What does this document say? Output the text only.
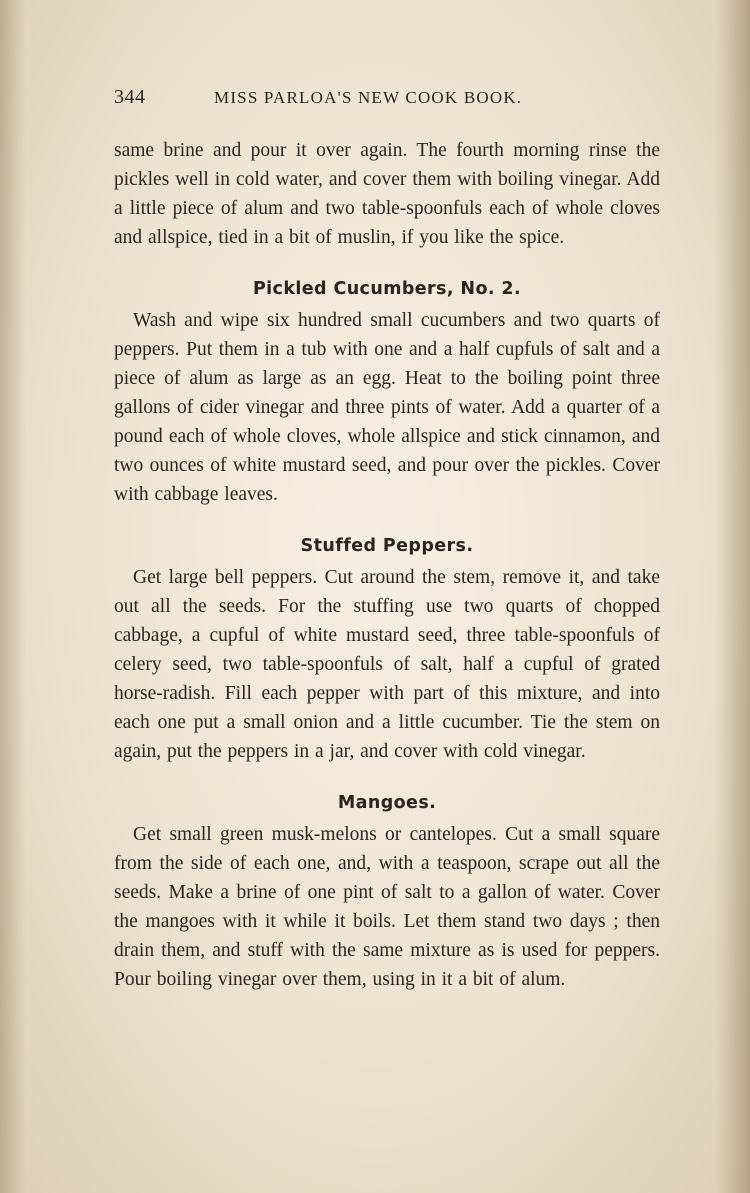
344	MISS PARLOA'S NEW COOK BOOK.

same brine and pour it over again. The fourth morning rinse the pickles well in cold water, and cover them with boiling vinegar. Add a little piece of alum and two table-spoonfuls each of whole cloves and allspice, tied in a bit of muslin, if you like the spice.

Pickled Cucumbers, No. 2.

Wash and wipe six hundred small cucumbers and two quarts of peppers. Put them in a tub with one and a half cupfuls of salt and a piece of alum as large as an egg. Heat to the boiling point three gallons of cider vinegar and three pints of water. Add a quarter of a pound each of whole cloves, whole allspice and stick cinnamon, and two ounces of white mustard seed, and pour over the pickles. Cover with cabbage leaves.

Stuffed Peppers.

Get large bell peppers. Cut around the stem, remove it, and take out all the seeds. For the stuffing use two quarts of chopped cabbage, a cupful of white mustard seed, three table-spoonfuls of celery seed, two table-spoonfuls of salt, half a cupful of grated horse-radish. Fill each pepper with part of this mixture, and into each one put a small onion and a little cucumber. Tie the stem on again, put the peppers in a jar, and cover with cold vinegar.

Mangoes.

Get small green musk-melons or cantelopes. Cut a small square from the side of each one, and, with a teaspoon, scrape out all the seeds. Make a brine of one pint of salt to a gallon of water. Cover the mangoes with it while it boils. Let them stand two days ; then drain them, and stuff with the same mixture as is used for peppers. Pour boiling vinegar over them, using in it a bit of alum.
